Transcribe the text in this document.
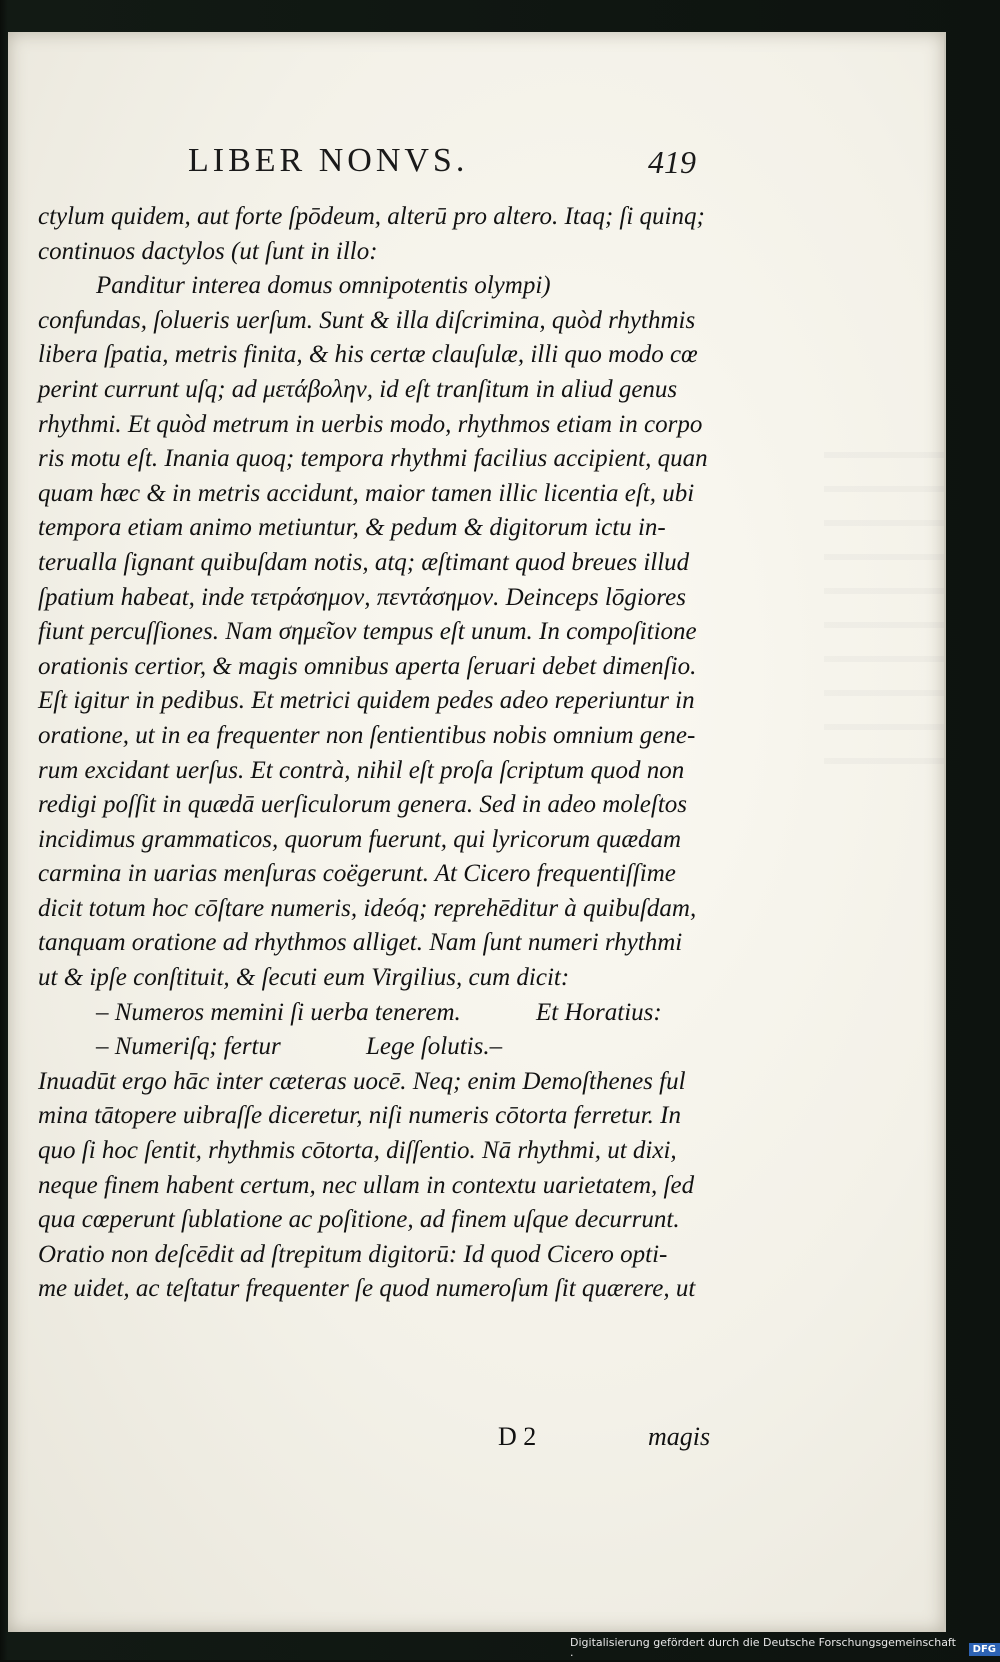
LIBER NONVS.	419
ctylum quidem, aut forte ſpōdeum, alterū pro altero. Itaq; ſi quinq;
continuos dactylos (ut ſunt in illo:
Panditur interea domus omnipotentis olympi)
confundas, ſolueris uerſum. Sunt & illa diſcrimina, quòd rhythmis
libera ſpatia, metris finita, & his certæ clauſulæ, illi quo modo cœ
perint currunt uſq; ad μετάβολην, id eſt tranſitum in aliud genus
rhythmi. Et quòd metrum in uerbis modo, rhythmos etiam in corpo
ris motu eſt. Inania quoq; tempora rhythmi facilius accipient, quan
quam hæc & in metris accidunt, maior tamen illic licentia eſt, ubi
tempora etiam animo metiuntur, & pedum & digitorum ictu in-
terualla ſignant quibuſdam notis, atq; æſtimant quod breues illud
ſpatium habeat, inde τετράσημον, πεντάσημον. Deinceps lōgiores
fiunt percuſſiones. Nam σημεῖον tempus eſt unum. In compoſitione
orationis certior, & magis omnibus aperta ſeruari debet dimenſio.
Eſt igitur in pedibus. Et metrici quidem pedes adeo reperiuntur in
oratione, ut in ea frequenter non ſentientibus nobis omnium gene-
rum excidant uerſus. Et contrà, nihil eſt proſa ſcriptum quod non
redigi poſſit in quædā uerſiculorum genera. Sed in adeo moleſtos
incidimus grammaticos, quorum fuerunt, qui lyricorum quædam
carmina in uarias menſuras coëgerunt. At Cicero frequentiſſime
dicit totum hoc cōſtare numeris, ideóq; reprehēditur à quibuſdam,
tanquam oratione ad rhythmos alliget. Nam ſunt numeri rhythmi
ut & ipſe conſtituit, & ſecuti eum Virgilius, cum dicit:
– Numeros memini ſi uerba tenerem.	Et Horatius:
– Numeriſq; fertur	Lege ſolutis.–
Inuadūt ergo hāc inter cæteras uocē. Neq; enim Demoſthenes ful
mina tātopere uibraſſe diceretur, niſi numeris cōtorta ferretur. In
quo ſi hoc ſentit, rhythmis cōtorta, diſſentio. Nā rhythmi, ut dixi,
neque finem habent certum, nec ullam in contextu uarietatem, ſed
qua cœperunt ſublatione ac poſitione, ad finem uſque decurrunt.
Oratio non deſcēdit ad ſtrepitum digitorū: Id quod Cicero opti-
me uidet, ac teſtatur frequenter ſe quod numeroſum ſit quærere, ut
D 2	magis
Digitalisierung gefördert durch die Deutsche Forschungsgemeinschaft ·	DFG
